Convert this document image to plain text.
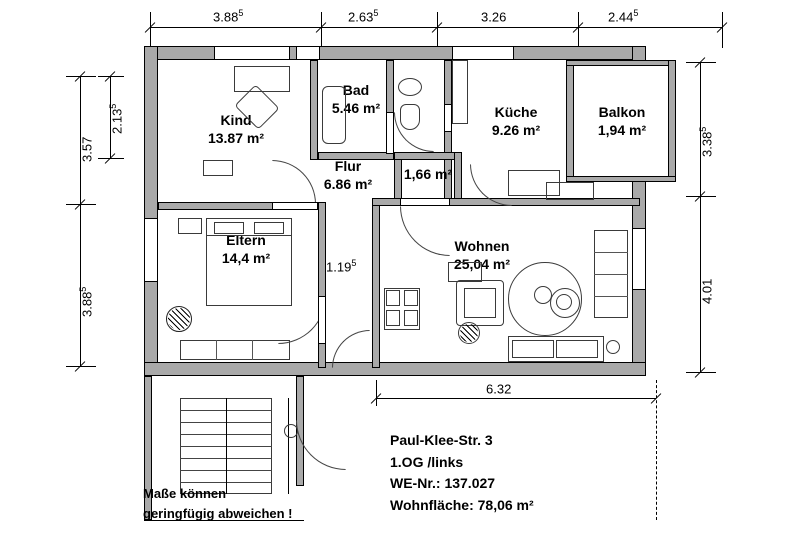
3.88$^5$	2.63$^5$	3.26	2.44$^5$
3.57
3.88$^5$
2.13$^5$
3.38$^5$
4.01
Balkon
1,94 m²
Kind
13.87 m²
Bad
5.46 m²	Küche
9.26 m²
Flur
6.86 m²
1,66 m²
Eltern
14,4 m²
Wohnen
25,04 m²
1.19$^5$
6.32
Paul-Klee-Str. 3
1.OG /links
WE-Nr.: 137.027
Wohnfläche: 78,06 m²
Maße können
geringfügig abweichen !
